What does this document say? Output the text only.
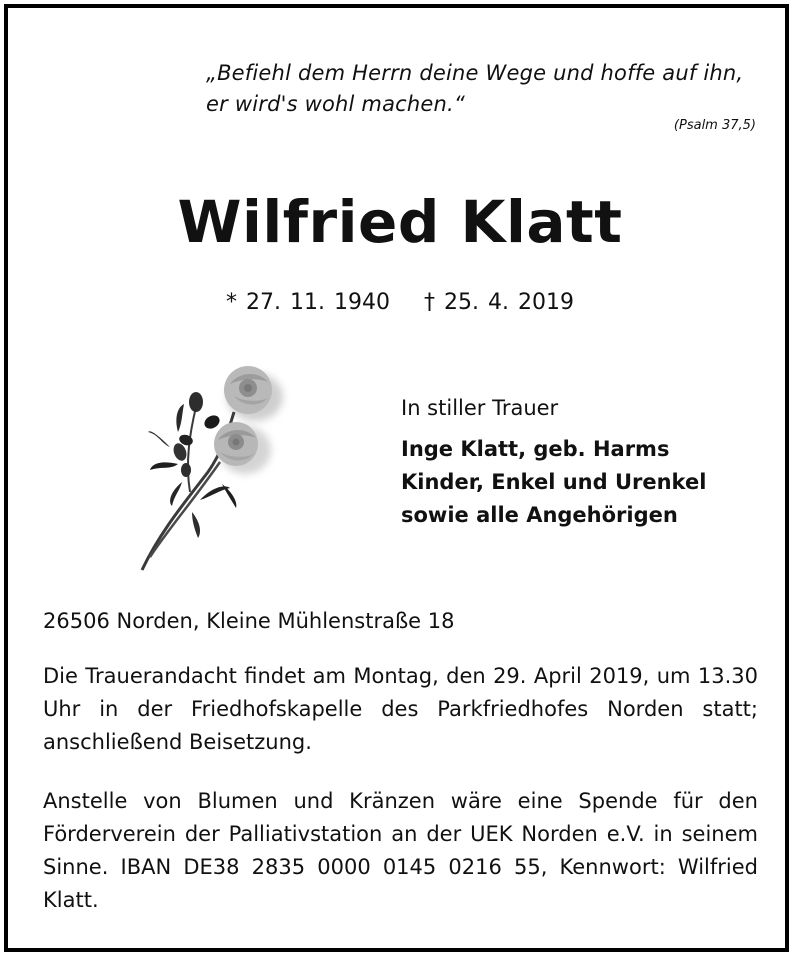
„Befiehl dem Herrn deine Wege und hoffe auf ihn,
er wird's wohl machen.“
(Psalm 37,5)
Wilfried Klatt
* 27. 11. 1940 † 25. 4. 2019
In stiller Trauer
Inge Klatt, geb. Harms
Kinder, Enkel und Urenkel
sowie alle Angehörigen
26506 Norden, Kleine Mühlenstraße 18
Die Trauerandacht findet am Montag, den 29. April 2019, um 13.30 Uhr in der Friedhofskapelle des Parkfriedhofes Norden statt; anschließend Beisetzung.
Anstelle von Blumen und Kränzen wäre eine Spende für den Förderverein der Palliativstation an der UEK Norden e.V. in seinem Sinne. IBAN DE38 2835 0000 0145 0216 55, Kennwort: Wilfried Klatt.
